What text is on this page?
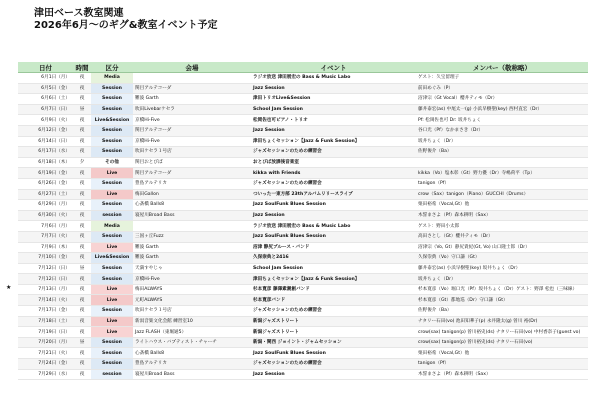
津田ベース教室関連
2026年6月〜のギグ&教室イベント予定
日付	時間	区分	会場	イベント	メンバー（敬称略）
6月1日（月）	夜	Media		ラジオ放送 津田展宏の Bass & Music Labo	ゲスト：久宝留理子
6月5日（金）	夜	Session	関目アルテコーダ	Jazz Session	前田めぐみ（P）
6月6日（土）	夜	Session	難波 Garth	津田トリオLive&Session	沼津宗（Gt Vocal）櫻井ティモ（Dr）
6月7日（日）	昼	Session	吹田Livebarケセラ	School Jam Session	藤井泰宏(as) 中尾太一(g) 小浜早樹聖(key) 西村直宏（Dr）
6月9日（火）	夜	Live&Session	京橋Hi-Five	松岡佐也可ピアノ・トリオ	Pf: 松岡佐也可 Dr: 坂井ちょく
6月12日（金）	夜	Session	関目アルテコーダ	Jazz Session	谷口光（Pf）なかまさき（Dr）
6月14日（日）	夜	Session	京橋Hi-Five	津田ちょくセッション【Jazz & Funk Session】	坂井ちょく（Dr）
6月17日（水）	夜	Session	吹田ケセラ１号店	ジャズセッションのための練習会	佐野俊介（Ba）
6月18日（木）	夕	その他	関目おとびば	おとびば放課後音楽室	
6月19日（金）	夜	Live	関目アルテコーダ	kikka with Friends	kikka（Vo）塩本彰（Gt）野力優（Dr）寺嶋荷平（Tp）
6月26日（金）	夜	Session	豊島アルテリカ	ジャズセッションのための練習会	tanigon（Pf）
6月27日（土）	夜	Live	梅田Gallon	ついった一東方部 23thアルバムリリースライブ	crow（Sax）tanigon（Piano）GUCCHI（Drums）
6月29日（月）	夜	Session	心斎橋 Balls8	Jazz SoulFunk Blues Session	栗田裕希（Vocal,Gt）他
6月30日（火）	夜	session	寝屋川Broad Bass	Jazz Session	木誓まさよ（Pf）森本耕明（Sax）
7月6日（月）	夜	Media		ラジオ放送 津田展宏の Bass & Music Labo	ゲスト：野田小太郎
7月7日（火）	夜	Session	三国ヶ丘Fuzz	Jazz SoulFunk Blues Session	高田さとし（Gt）櫻井ティモ（Dr）
7月9日（木）	夜	Live	難波 Garth	沼津 静尻ブルース・バンド	沼津宗（Vo, Gt）静尻貴紀(Gt, Vo) 山口隆士郎（Dr）
7月10日（金）	夜	Live&Session	難波 Garth	久保崇典と2416	久保崇典（Vo）守口謙（Gt）
7月12日（日）	昼	Session	天満すやじゃ	School Jam Session	藤井泰宏(as) 小浜早樹聖(key) 坂井ちょく（Dr）
7月12日（日）	夜	Session	京橋Hi-Five	津田ちょくセッション【Jazz & Funk Session】	坂井ちょく（Dr）
7月13日（月）	夜	Live	梅田ALWAYS	杉本寛彦 藤澤素潮創バンド	杉本寛彦（Vo）堀口光（Pf）坂井ちょく（Dr）ゲスト：野澤 松也（三味線）
7月14日（火）	夜	Live	元町ALWAYS	杉本寛彦バンド	杉本寛彦（Gt）都地巡（Dr）守口謙（Gt）
7月17日（金）	夜	Session	吹田ケセラ１号店	ジャズセッションのための練習会	佐野俊介（Ba）
7月18日（土）	夜	Live	新潟音楽文化会館 練習室10	新潟ジャズストリート	ナタリー石田(vo) 池田知華子(p) 永井隆太(g) 曽川 裕(Dr)
7月19日（日）	夜	Live	Jazz FLASH（東堀通5）	新潟ジャズストリート	crow(sax) tanigon(p) 曽川裕史(ds) ナタリー石田(vo) 中村香奈子(guest vo)
7月20日（月）	昼	Session	ライトハウス・バプティスト・チャーチ	新潟・関西 ジョイント・ジャムセッション	crow(sax) tanigon(p) 曽川裕史(ds) ナタリー石田(vo)
7月21日（火）	夜	Session	心斎橋 Balls8	Jazz SoulFunk Blues Session	栗田裕希（Vocal,Gt）他
7月24日（金）	夜	Session	豊島アルテリカ	ジャズセッションのための練習会	tanigon（Pf）
7月29日（水）	夜	session	寝屋川Broad Bass	Jazz Session	木誓まさよ（Pf）森本耕明（Sax）
★
